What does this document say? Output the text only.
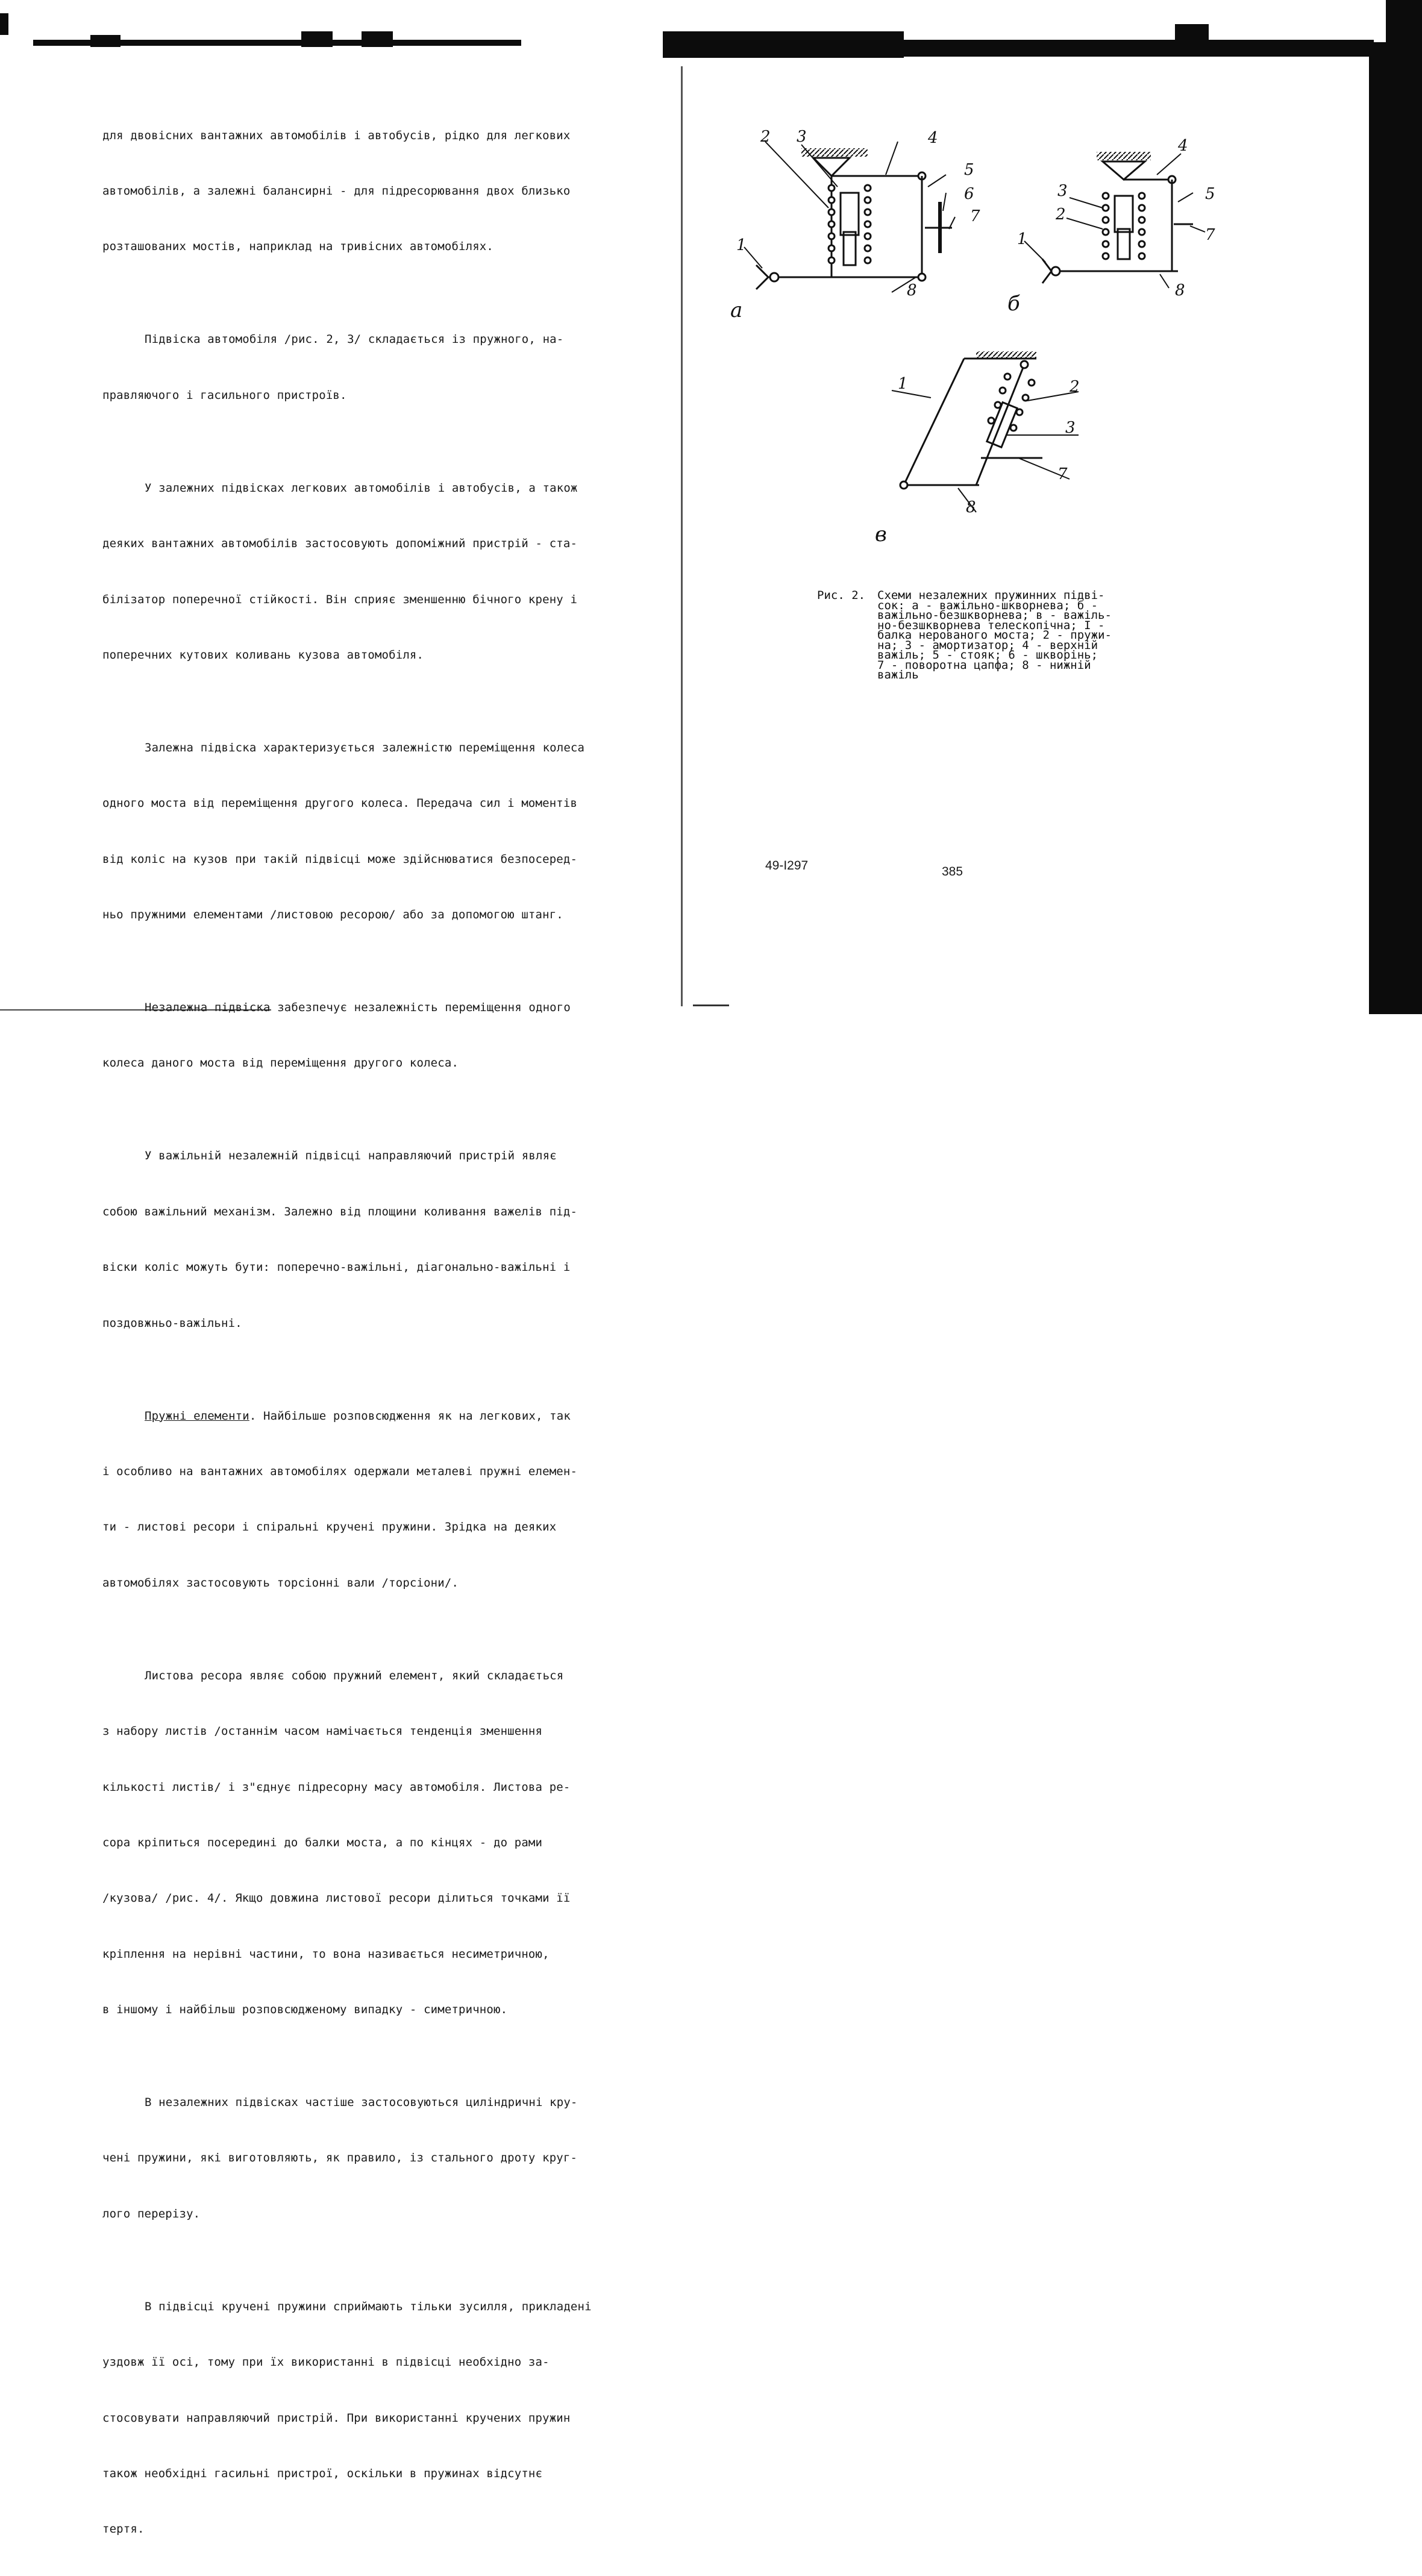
для двовісних вантажних автомобілів і автобусів, рідко для легкових

автомобілів, а залежні балансирні - для підресорювання двох близько

розташованих мостів, наприклад на тривісних автомобілях.

Підвіска автомобіля /рис. 2, 3/ складається із пружного, на-

правляючого і гасильного пристроїв.

У залежних підвісках легкових автомобілів і автобусів, а також

деяких вантажних автомобілів застосовують допоміжний пристрій - ста-

білізатор поперечної стійкості. Він сприяє зменшенню бічного крену і

поперечних кутових коливань кузова автомобіля.

Залежна підвіска характеризується залежністю переміщення колеса

одного моста від переміщення другого колеса. Передача сил і моментів

від коліс на кузов при такій підвісці може здійснюватися безпосеред-

ньо пружними елементами /листовою ресорою/ або за допомогою штанг.

Незалежна підвіска забезпечує незалежність переміщення одного

колеса даного моста від переміщення другого колеса.

У важільній незалежній підвісці направляючий пристрій являє

собою важільний механізм. Залежно від площини коливання важелів під-

віски коліс можуть бути: поперечно-важільні, діагонально-важільні і

поздовжньо-важільні.

Пружні елементи. Найбільше розповсюдження як на легкових, так

і особливо на вантажних автомобілях одержали металеві пружні елемен-

ти - листові ресори і спіральні кручені пружини. Зрідка на деяких

автомобілях застосовують торсіонні вали /торсіони/.

Листова ресора являє собою пружний елемент, який складається

з набору листів /останнім часом намічається тенденція зменшення

кількості листів/ і з"єднує підресорну масу автомобіля. Листова ре-

сора кріпиться посередині до балки моста, а по кінцях - до рами

/кузова/ /рис. 4/. Якщо довжина листової ресори ділиться точками її

кріплення на нерівні частини, то вона називається несиметричною,

в іншому і найбільш розповсюдженому випадку - симетричною.

В незалежних підвісках частіше застосовуються циліндричні кру-

чені пружини, які виготовляють, як правило, із стального дроту круг-

лого перерізу.

В підвісці кручені пружини сприймають тільки зусилля, прикладені

уздовж її осі, тому при їх використанні в підвісці необхідно за-

стосовувати направляючий пристрій. При використанні кручених пружин

також необхідні гасильні пристрої, оскільки в пружинах відсутнє

тертя.

2 3	4
5
6
7
1
8
а
3
2
4
5
7
1
8
б
1	2
3
7
8
в
Рис. 2. Схеми незалежних пружинних підві-
сок: а - важільно-шкворнева; б -
важільно-безшкворнева; в - важіль-
но-безшкворнева телескопічна; I -
балка нерованого моста; 2 - пружи-
на; 3 - амортизатор; 4 - верхній
важіль; 5 - стояк; 6 - шкворінь;
7 - поворотна цапфа; 8 - нижній
важіль
49-I297	385
